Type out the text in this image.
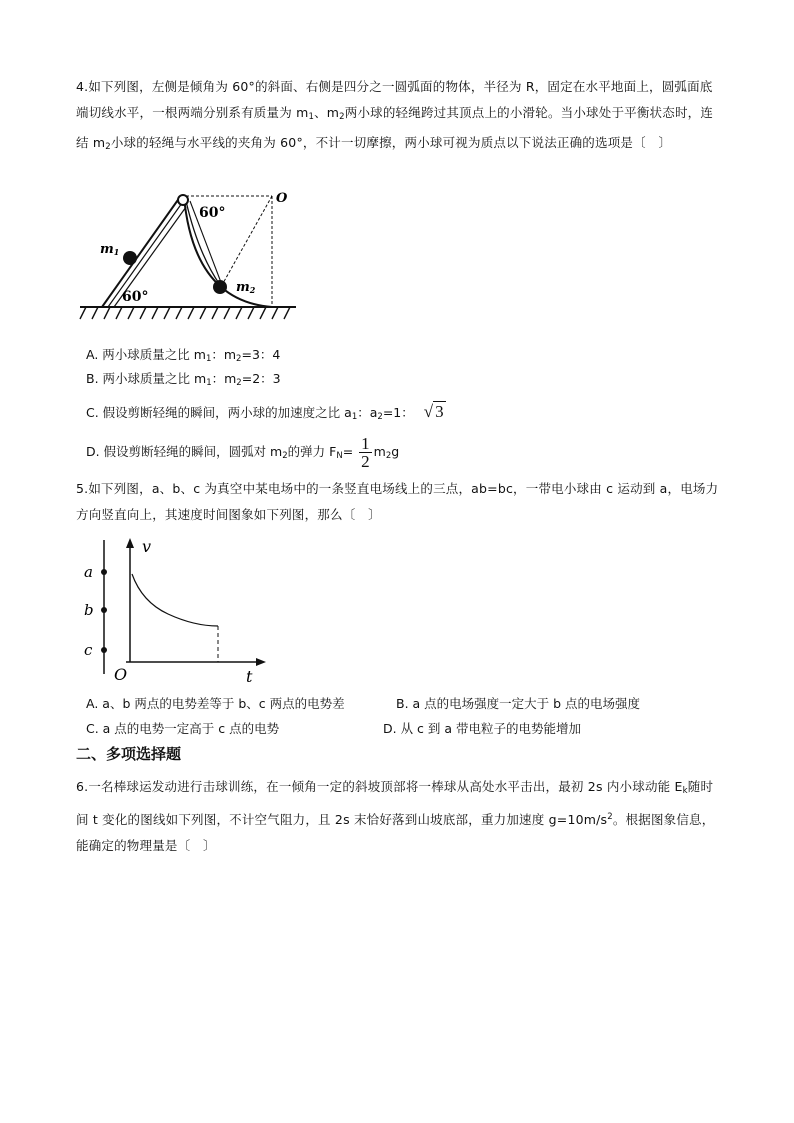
4.如下列图，左侧是倾角为 60°的斜面、右侧是四分之一圆弧面的物体，半径为 R，固定在水平地面上，圆弧面底端切线水平，一根两端分别系有质量为 $m_1$、$m_2$两小球的轻绳跨过其顶点上的小滑轮。当小球处于平衡状态时，连结 $m_2$小球的轻绳与水平线的夹角为 60°，不计一切摩擦，两小球可视为质点以下说法正确的选项是〔　〕
60°
60°
O
m1
m2
A. 两小球质量之比 $m_1$：$m_2=3$：4
B. 两小球质量之比 $m_1$：$m_2=2$：3
C. 假设剪断轻绳的瞬间，两小球的加速度之比 $a_1$：$a_2=1$： √ 3
D. 假设剪断轻绳的瞬间，圆弧对 $m_2$的弹力 $F_N= \frac{1}{2} m_2g$
5.如下列图，a、b、c 为真空中某电场中的一条竖直电场线上的三点，ab=bc，一带电小球由 c 运动到 a，电场力方向竖直向上，其速度时间图象如下列图，那么〔　〕
a
b
c
v
t
O
A. a、b 两点的电势差等于 b、c 两点的电势差	B. a 点的电场强度一定大于 b 点的电场强度
C. a 点的电势一定高于 c 点的电势	D. 从 c 到 a 带电粒子的电势能增加
二、多项选择题
6.一名棒球运发动进行击球训练，在一倾角一定的斜坡顶部将一棒球从高处水平击出，最初 2s 内小球动能 $E_k$随时间 t 变化的图线如下列图，不计空气阻力，且 2s 末恰好落到山坡底部，重力加速度 $g=10m/s^2$。根据图象信息，能确定的物理量是〔　〕
